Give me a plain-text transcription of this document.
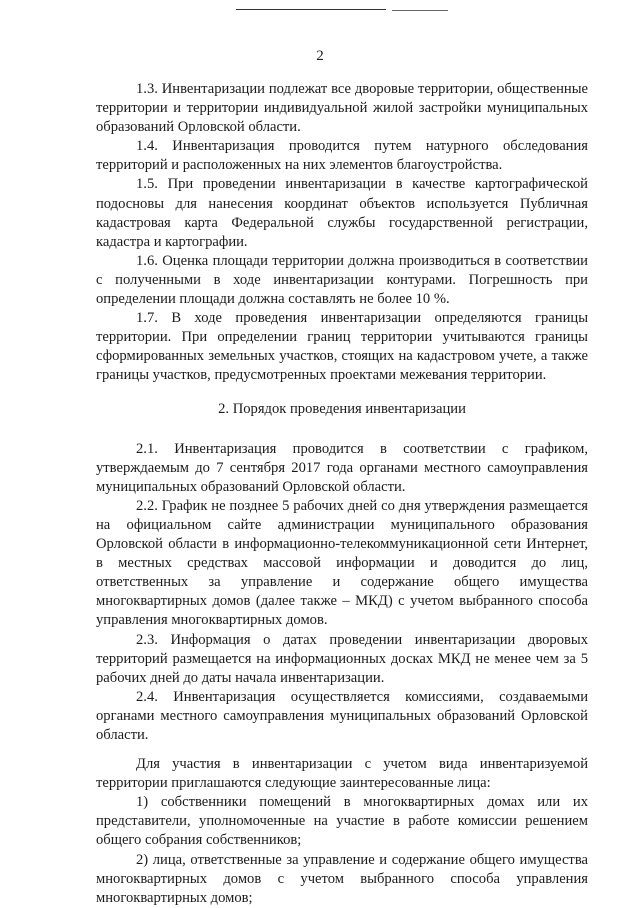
2

1.3. Инвентаризации подлежат все дворовые территории, общественные территории и территории индивидуальной жилой застройки муниципальных образований Орловской области.

1.4. Инвентаризация проводится путем натурного обследования территорий и расположенных на них элементов благоустройства.

1.5. При проведении инвентаризации в качестве картографической подосновы для нанесения координат объектов используется Публичная кадастровая карта Федеральной службы государственной регистрации, кадастра и картографии.

1.6. Оценка площади территории должна производиться в соответствии с полученными в ходе инвентаризации контурами. Погрешность при определении площади должна составлять не более 10 %.

1.7. В ходе проведения инвентаризации определяются границы территории. При определении границ территории учитываются границы сформированных земельных участков, стоящих на кадастровом учете, а также границы участков, предусмотренных проектами межевания территории.

2. Порядок проведения инвентаризации

2.1. Инвентаризация проводится в соответствии с графиком, утверждаемым до 7 сентября 2017 года органами местного самоуправления муниципальных образований Орловской области.

2.2. График не позднее 5 рабочих дней со дня утверждения размещается на официальном сайте администрации муниципального образования Орловской области в информационно-телекоммуникационной сети Интернет, в местных средствах массовой информации и доводится до лиц, ответственных за управление и содержание общего имущества многоквартирных домов (далее также – МКД) с учетом выбранного способа управления многоквартирных домов.

2.3. Информация о датах проведении инвентаризации дворовых территорий размещается на информационных досках МКД не менее чем за 5 рабочих дней до даты начала инвентаризации.

2.4. Инвентаризация осуществляется комиссиями, создаваемыми органами местного самоуправления муниципальных образований Орловской области.

Для участия в инвентаризации с учетом вида инвентаризуемой территории приглашаются следующие заинтересованные лица:

1) собственники помещений в многоквартирных домах или их представители, уполномоченные на участие в работе комиссии решением общего собрания собственников;

2) лица, ответственные за управление и содержание общего имущества многоквартирных домов с учетом выбранного способа управления многоквартирных домов;
